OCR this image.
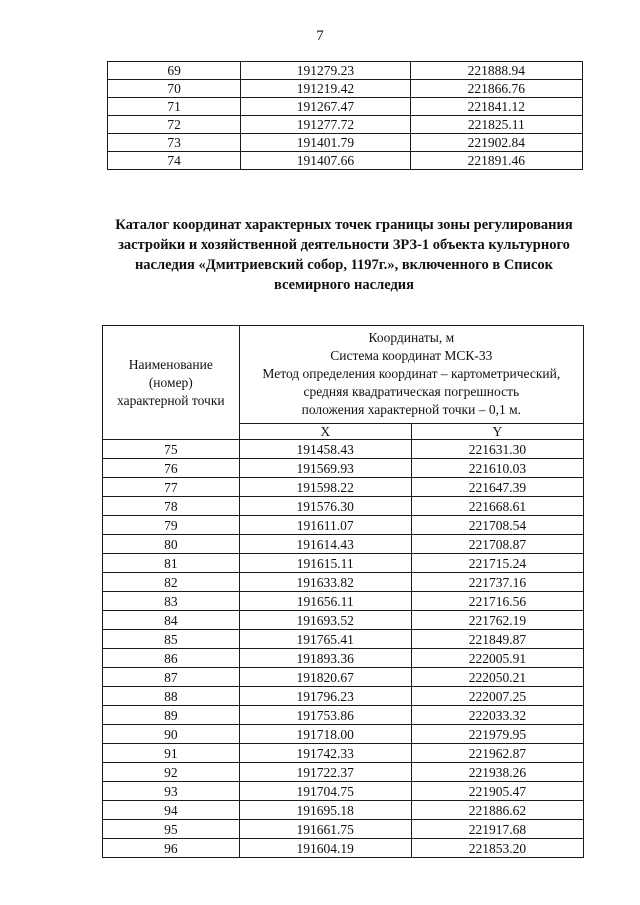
7
69	191279.23	221888.94
70	191219.42	221866.76
71	191267.47	221841.12
72	191277.72	221825.11
73	191401.79	221902.84
74	191407.66	221891.46
Каталог координат характерных точек границы зоны регулирования
застройки и хозяйственной деятельности ЗРЗ-1 объекта культурного
наследия «Дмитриевский собор, 1197г.», включенного в Список
всемирного наследия
Наименование
(номер)
характерной точки	Координаты, м
Система координат МСК-33
Метод определения координат – картометрический,
средняя квадратическая погрешность
положения характерной точки – 0,1 м.	

	X	Y
75	191458.43	221631.30
76	191569.93	221610.03
77	191598.22	221647.39
78	191576.30	221668.61
79	191611.07	221708.54
80	191614.43	221708.87
81	191615.11	221715.24
82	191633.82	221737.16
83	191656.11	221716.56
84	191693.52	221762.19
85	191765.41	221849.87
86	191893.36	222005.91
87	191820.67	222050.21
88	191796.23	222007.25
89	191753.86	222033.32
90	191718.00	221979.95
91	191742.33	221962.87
92	191722.37	221938.26
93	191704.75	221905.47
94	191695.18	221886.62
95	191661.75	221917.68
96	191604.19	221853.20
